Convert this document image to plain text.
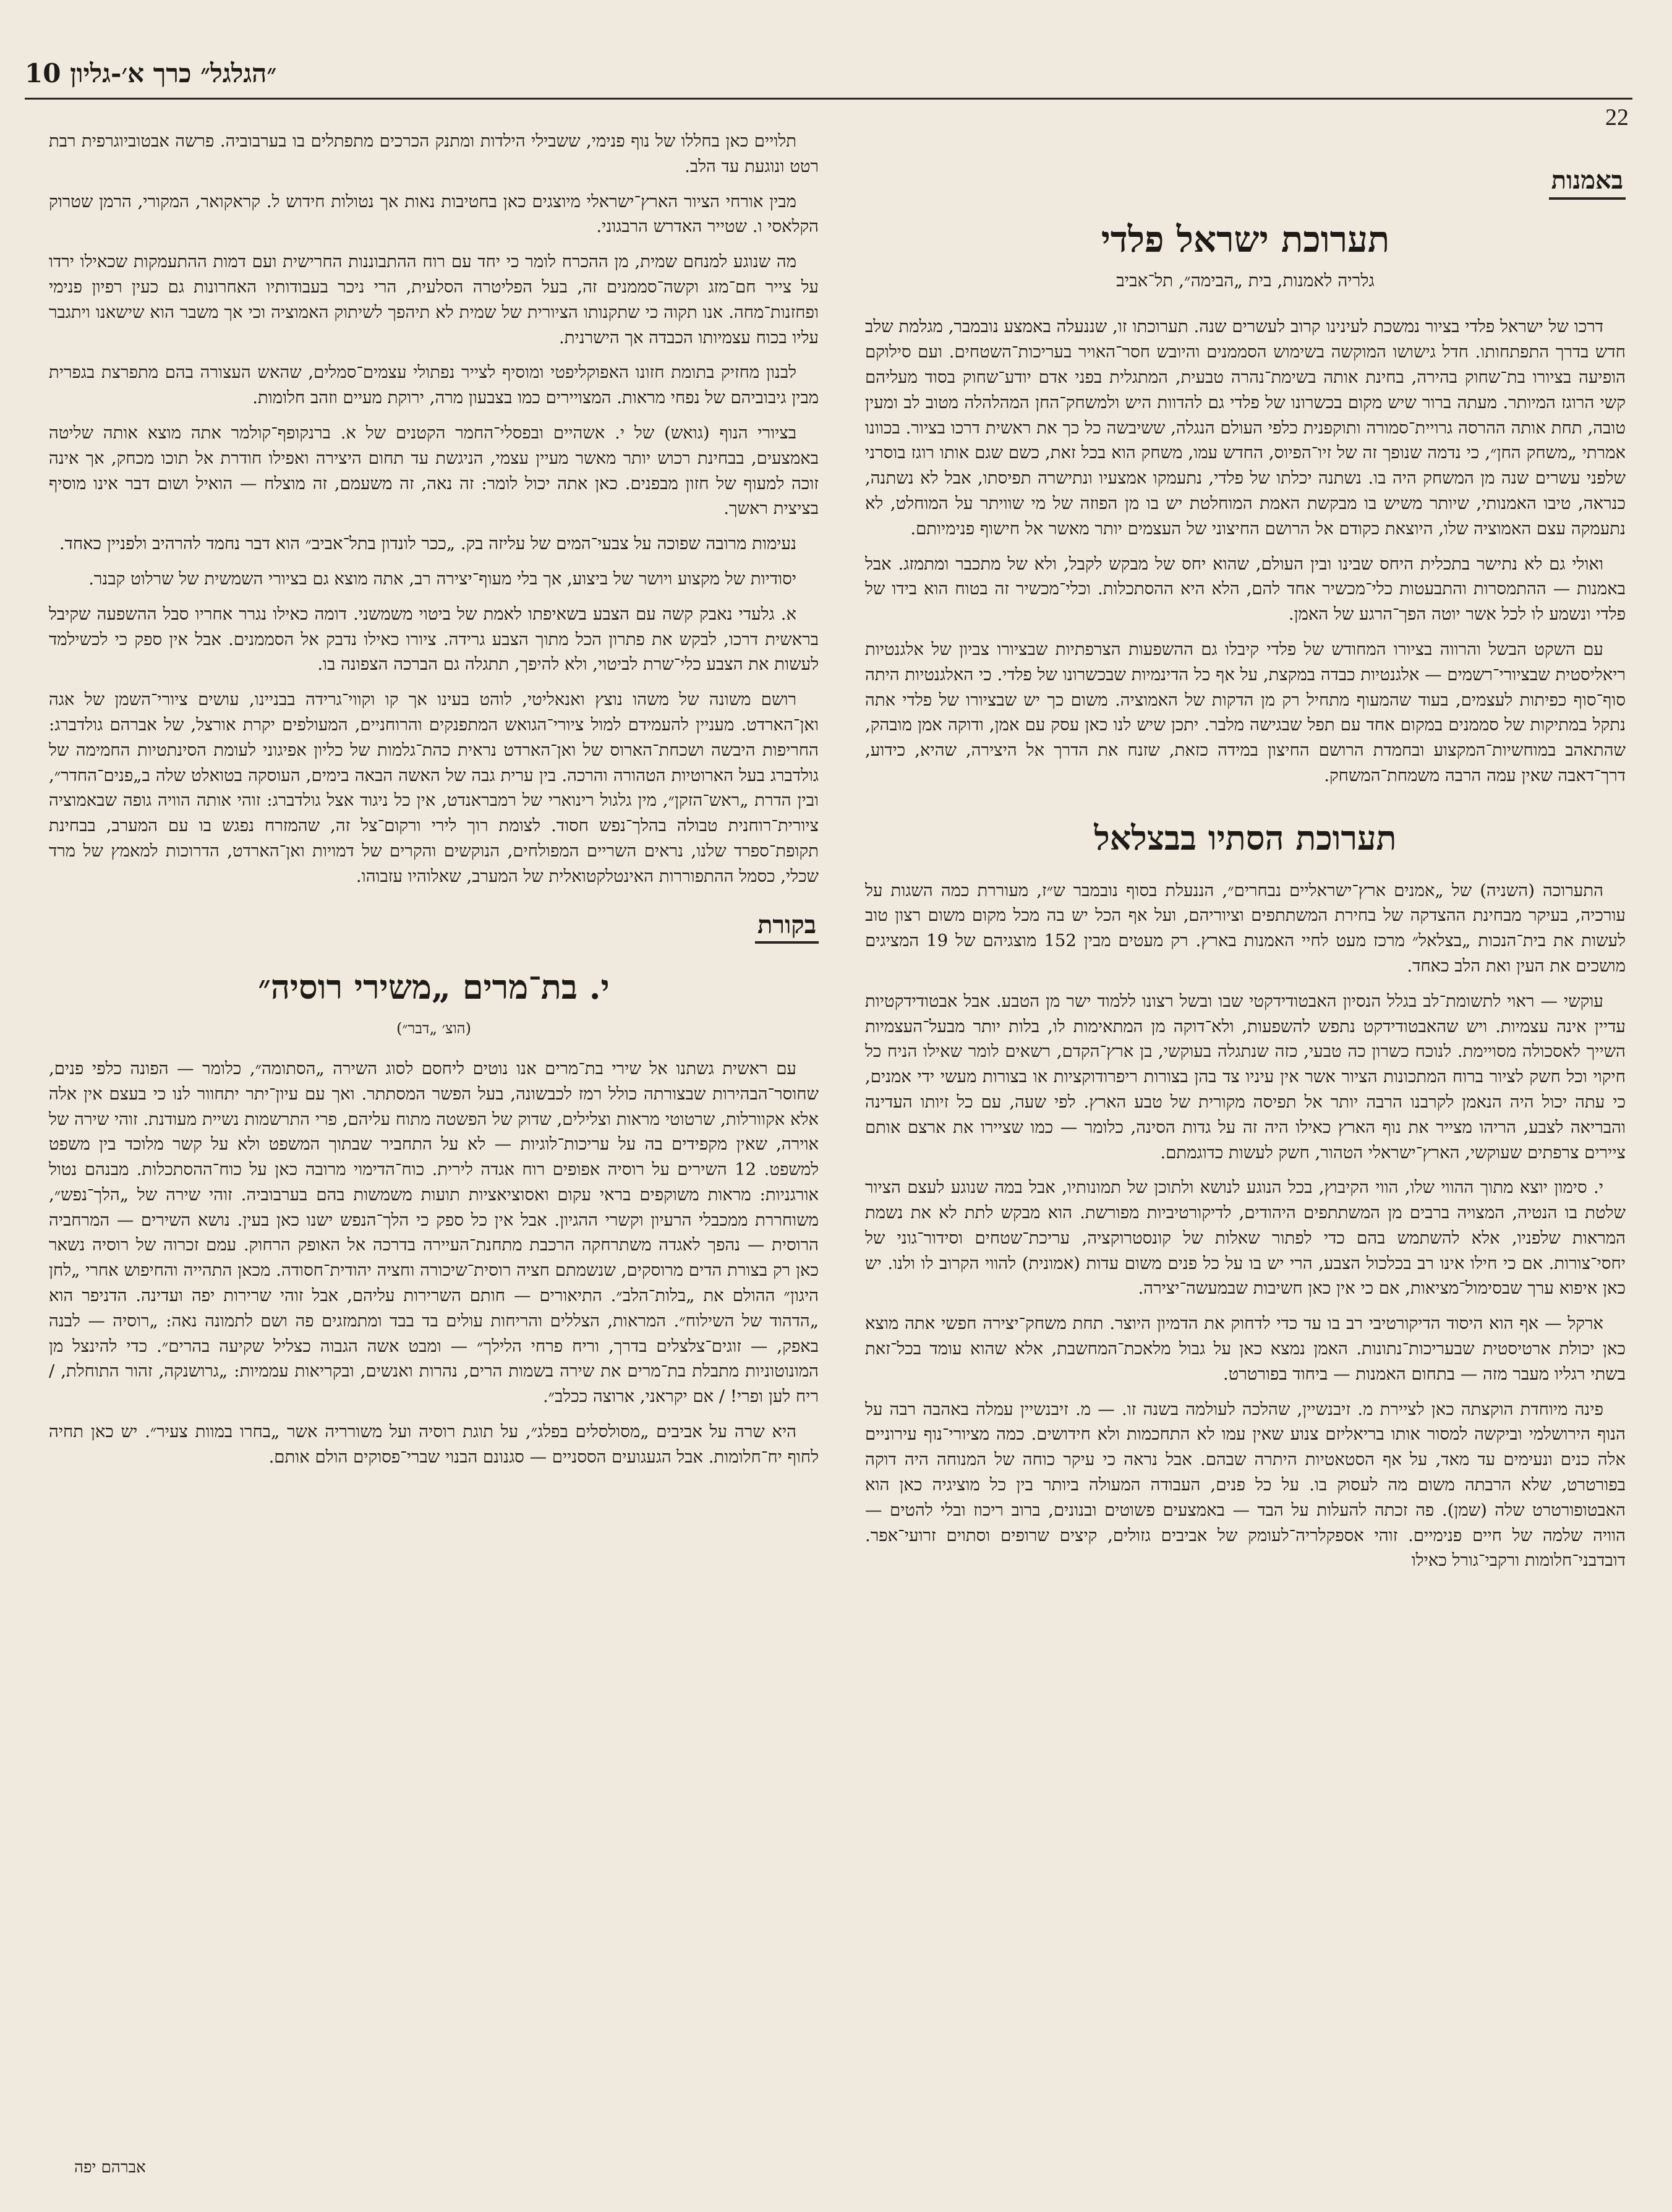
״הגלגל״ כרך א׳-גליון 10
22
באמנות
תערוכת ישראל פלדי
גלריה לאמנות, בית „הבימה״, תל־אביב

דרכו של ישראל פלדי בציור נמשכת לעינינו קרוב לעשרים שנה. תערוכתו זו, שננעלה באמצע נובמבר, מגלמת שלב חדש בדרך התפתחותו. חדל גישושו המוקשה בשימוש הסממנים והיובש חסר־האויר בעריכות־השטחים. ועם סילוקם הופיעה בציורו בת־שחוק בהירה, בחינת אותה בשימת־נהרה טבעית, המתגלית בפני אדם יודע־שחוק בסוד מעליהם קשי הרוגז המיותר. מעתה ברור שיש מקום בכשרונו של פלדי גם להדוות היש ולמשחק־החן המהלהלה מטוב לב ומעין טובה, תחת אותה ההרסה גרויית־סמורה ותוקפנית כלפי העולם הנגלה, ששיבשה כל כך את ראשית דרכו בציור. בכוונו אמרתי „משחק החן״, כי נדמה שנופך זה של זיו־הפיוס, החדש עמו, משחק הוא בכל זאת, כשם שגם אותו רוגז בוסרני שלפני עשרים שנה מן המשחק היה בו. נשתנה יכלתו של פלדי, נתעמקו אמצעיו ונתישרה תפיסתו, אבל לא נשתנה, כנראה, טיבו האמנותי, שיותר משיש בו מבקשת האמת המוחלטת יש בו מן הפוזה של מי שוויתר על המוחלט, לא נתעמקה עצם האמוציה שלו, היוצאת כקודם אל הרושם החיצוני של העצמים יותר מאשר אל חישוף פנימיותם.

ואולי גם לא נתישר בתכלית היחס שבינו ובין העולם, שהוא יחס של מבקש לקבל, ולא של מתכבר ומתמזג. אבל באמנות — ההתמסרות והתבעטות כלי־מכשיר אחד להם, הלא היא ההסתכלות. וכלי־מכשיר זה בטוח הוא בידו של פלדי ונשמע לו לכל אשר יוטה הפך־הרגע של האמן.

עם השקט הבשל והרווה בציורו המחודש של פלדי קיבלו גם ההשפעות הצרפתיות שבציורו צביון של אלגנטיות ריאליסטית שבציורי־רשמים — אלגנטיות כבדה במקצת, על אף כל הדינמיות שבכשרונו של פלדי. כי האלגנטיות היתה סוף־סוף כפיתות לעצמים, בעוד שהמעוף מתחיל רק מן הדקות של האמוציה. משום כך יש שבציורו של פלדי אתה נתקל במתיקות של סממנים במקום אחד עם תפל שבגישה מלבר. יתכן שיש לנו כאן עסק עם אמן, ודוקה אמן מובהק, שהתאהב במוחשיות־המקצוע ובחמדת הרושם החיצון במידה כזאת, שזנח את הדרך אל היצירה, שהיא, כידוע, דרך־דאבה שאין עמה הרבה משמחת־המשחק.

תערוכת הסתיו בבצלאל

התערוכה (השניה) של „אמנים ארץ־ישראליים נבחרים״, הננעלת בסוף נובמבר ש״ז, מעוררת כמה השגות על עורכיה, בעיקר מבחינת ההצדקה של בחירת המשתתפים וציוריהם, ועל אף הכל יש בה מכל מקום משום רצון טוב לעשות את בית־הנכות „בצלאל״ מרכז מעט לחיי האמנות בארץ. רק מעטים מבין 152 מוצגיהם של 19 המציגים מושכים את העין ואת הלב כאחד.

עוקשי — ראוי לתשומת־לב בגלל הנסיון האבטודידקטי שבו ובשל רצונו ללמוד ישר מן הטבע. אבל אבטודידקטיות עדיין אינה עצמיות. ויש שהאבטודידקט נתפש להשפעות, ולא־דוקה מן המתאימות לו, בלות יותר מבעל־העצמיות השייך לאסכולה מסויימת. לנוכח כשרון כה טבעי, כזה שנתגלה בעוקשי, בן ארץ־הקדם, רשאים לומר שאילו הניח כל חיקוי וכל חשק לציור ברוח המתכונות הציור אשר אין עיניו צד בהן בצורות ריפרודוקציות או בצורות מעשי ידי אמנים, כי עתה יכול היה הנאמן לקרבנו הרבה יותר אל תפיסה מקורית של טבע הארץ. לפי שעה, עם כל זיותו העדינה והבריאה לצבע, הריהו מצייר את נוף הארץ כאילו היה זה על גדות הסינה, כלומר — כמו שציירו את ארצם אותם ציירים צרפתים שעוקשי, הארץ־ישראלי הטהור, חשק לעשות כדוגמתם.

י. סימון יוצא מתוך ההווי שלו, הווי הקיבוץ, בכל הנוגע לנושא ולתוכן של תמונותיו, אבל במה שנוגע לעצם הציור שלטת בו הנטיה, המצויה ברבים מן המשתתפים היהודים, לדיקורטיביות מפורשת. הוא מבקש לתת לא את נשמת המראות שלפניו, אלא להשתמש בהם כדי לפתור שאלות של קונסטרוקציה, עריכת־שטחים וסידור־גוני של יחסי־צורות. אם כי חילו אינו רב בכלכול הצבע, הרי יש בו על כל פנים משום עדות (אמונית) להווי הקרוב לו ולנו. יש כאן איפוא ערך שבסימול־מציאות, אם כי אין כאן חשיבות שבמעשה־יצירה.

ארקל — אף הוא היסוד הדיקורטיבי רב בו עד כדי לדחוק את הדמיון היוצר. תחת משחק־יצירה חפשי אתה מוצא כאן יכולת ארטיסטית שבעריכות־נתונות. האמן נמצא כאן על גבול מלאכת־המחשבת, אלא שהוא עומד בכל־זאת בשתי רגליו מעבר מזה — בתחום האמנות — ביחוד בפורטרט.

פינה מיוחדת הוקצתה כאן לציירת מ. זיבנשיין, שהלכה לעולמה בשנה זו. — מ. זיבנשיין עמלה באהבה רבה על הנוף הירושלמי וביקשה למסור אותו בריאליזם צנוע שאין עמו לא התחכמות ולא חידושים. כמה מציורי־נוף עירוניים אלה כנים ונעימים עד מאד, על אף הסטאטיות היתרה שבהם. אבל נראה כי עיקר כוחה של המנוחה היה דוקה בפורטרט, שלא הרבתה משום מה לעסוק בו. על כל פנים, העבודה המעולה ביותר בין כל מוציגיה כאן הוא האבטופורטרט שלה (שמן). פה זכתה להעלות על הבד — באמצעים פשוטים ובנונים, ברוב ריכוז ובלי להטים — הוויה שלמה של חיים פנימיים. זוהי אספקלריה־לעומק של אביבים גזולים, קיצים שרופים וסתוים זרועי־אפר. דובדבני־חלומות ורקבי־גורל כאילו

תלויים כאן בחללו של נוף פנימי, ששבילי הילדות ומתנק הכרכים מתפתלים בו בערבוביה. פרשה אבטוביוגרפית רבת רטט ונוגעת עד הלב.

מבין אורחי הציור הארץ־ישראלי מיוצגים כאן בחטיבות נאות אך נטולות חידוש ל. קראקואר, המקורי, הרמן שטרוק הקלאסי ו. שטייר האדרש הרבגוני.

מה שנוגע למנחם שמית, מן ההכרח לומר כי יחד עם רוח ההתבוננות החרישית ועם דמות ההתעמקות שכאילו ירדו על צייר חם־מזג וקשה־סממנים זה, בעל הפליטרה הסלעית, הרי ניכר בעבודותיו האחרונות גם כעין רפיון פנימי ופחזנות־מחה. אנו תקוה כי שתקנותו הציורית של שמית לא תיהפך לשיתוק האמוציה וכי אך משבר הוא שישאנו ויתגבר עליו בכוח עצמיותו הכבדה אך הישרנית.

לבנון מחזיק בתומת חזונו האפוקליפטי ומוסיף לצייר נפתולי עצמים־סמלים, שהאש העצורה בהם מתפרצת בגפרית מבין גיבוביהם של נפחי מראות. המצויירים כמו בצבעון מרה, ירוקת מעיים וזהב חלומות.

בציורי הנוף (גואש) של י. אשהיים ובפסלי־החמר הקטנים של א. ברנקופף־קולמר אתה מוצא אותה שליטה באמצעים, בבחינת רכוש יותר מאשר מעיין עצמי, הניגשת עד תחום היצירה ואפילו חודרת אל תוכו מכחק, אך אינה זוכה למעוף של חזון מבפנים. כאן אתה יכול לומר: זה נאה, זה משעמם, זה מוצלח — הואיל ושום דבר אינו מוסיף בציצית ראשך.

נעימות מרובה שפוכה על צבעי־המים של עליזה בק. „ככר לונדון בתל־אביב״ הוא דבר נחמד להרהיב ולפניין כאחד.

יסודיות של מקצוע ויושר של ביצוע, אך בלי מעוף־יצירה רב, אתה מוצא גם בציורי השמשית של שרלוט קבנר.

א. גלעדי נאבק קשה עם הצבע בשאיפתו לאמת של ביטוי משמשני. דומה כאילו נגרר אחריו סבל ההשפעה שקיבל בראשית דרכו, לבקש את פתרון הכל מתוך הצבע גרידה. ציורו כאילו נדבק אל הסממנים. אבל אין ספק כי לכשילמד לעשות את הצבע כלי־שרת לביטוי, ולא להיפך, תתגלה גם הברכה הצפונה בו.

רושם משונה של משהו נוצץ ואנאליטי, לוהט בעינו אך קו וקווי־גרידה בבניינו, עושים ציורי־השמן של אגה ואן־הארדט. מעניין להעמידם למול ציורי־הגואש המתפנקים והרוחניים, המעולפים יקרת אורצל, של אברהם גולדברג: החריפות היבשה ושכחת־הארוס של ואן־הארדט נראית כהת־גלמות של כליון אפיגוני לעומת הסינתטיות החמימה של גולדברג בעל הארוטיות הטהורה והרכה. בין ערית גבה של האשה הבאה בימים, העוסקה בטואלט שלה ב„פנים־החדר״, ובין הדרת „ראש־הזקן״, מין גלגול רינוארי של רמבראנדט, אין כל ניגוד אצל גולדברג: זוהי אותה הוויה גופה שבאמוציה ציורית־רוחנית טבולה בהלך־נפש חסוד. לצומת רוך לירי ורקום־צל זה, שהמזרח נפגש בו עם המערב, בבחינת תקופת־ספרד שלנו, נראים השריים המפולחים, הנוקשים והקרים של דמויות ואן־הארדט, הדרוכות למאמץ של מרד שכלי, כסמל ההתפוררות האינטלקטואלית של המערב, שאלוהיו עזבוהו.

בקורת
י. בת־מרים „משירי רוסיה״
(הוצ׳ „דבר״)

עם ראשית גשתנו אל שירי בת־מרים אנו נוטים ליחסם לסוג השירה „הסתומה״, כלומר — הפונה כלפי פנים, שחוסר־הבהירות שבצורתה כולל רמז לכבשונה, בעל הפשר המסתתר. ואך עם עיון־יתר יתחוור לנו כי בעצם אין אלה אלא אקוורלות, שרטוטי מראות וצלילים, שדוק של הפשטה מתוח עליהם, פרי התרשמות נשיית מעודנת. זוהי שירה של אוירה, שאין מקפידים בה על עריכות־לוגיות — לא על התחביר שבתוך המשפט ולא על קשר מלוכד בין משפט למשפט. 12 השירים על רוסיה אפופים רוח אגדה לירית. כוח־הדימוי מרובה כאן על כוח־ההסתכלות. מבנהם נטול אורגניות: מראות משוקפים בראי עקום ואסוציאציות תועות משמשות בהם בערבוביה. זוהי שירה של „הלך־נפש״, משוחררת ממכבלי הרעיון וקשרי ההגיון. אבל אין כל ספק כי הלך־הנפש ישנו כאן בעין. נושא השירים — המרחביה הרוסית — נהפך לאגדה משתרחקה הרכבת מתחנת־העיירה בדרכה אל האופק הרחוק. עמם זכרוה של רוסיה נשאר כאן רק בצורת הדים מרוסקים, שנשמתם חציה רוסית־שיכורה וחציה יהודית־חסודה. מכאן התהייה והחיפוש אחרי „לחן היגון״ ההולם את „בלות־הלב״. התיאורים — חותם השרירות עליהם, אבל זוהי שרירות יפה ועדינה. הדניפר הוא „הדהוד של השילוח״. המראות, הצללים והריחות עולים בד בבד ומתמזגים פה ושם לתמונה נאה: „רוסיה — לבנה באפק, — זוגים־צלצלים בדרך, וריח פרחי הלילך״ — ומבט אשה הגבוה כצליל שקיעה בהרים״. כדי להינצל מן המונוטוניות מתבלת בת־מרים את שירה בשמות הרים, נהרות ואנשים, ובקריאות עממיות: „גרושנקה, זהור התוחלת, / ריח לען ופרי! / אם יקראני, ארוצה ככלב״.

היא שרה על אביבים „מסולסלים בפלג״, על תוגת רוסיה ועל משורריה אשר „בחרו במוות צעיר״. יש כאן תחיה לחוף יח־חלומות. אבל הגעגועים הססניים — סגנונם הבנוי שברי־פסוקים הולם אותם.

אברהם יפה
